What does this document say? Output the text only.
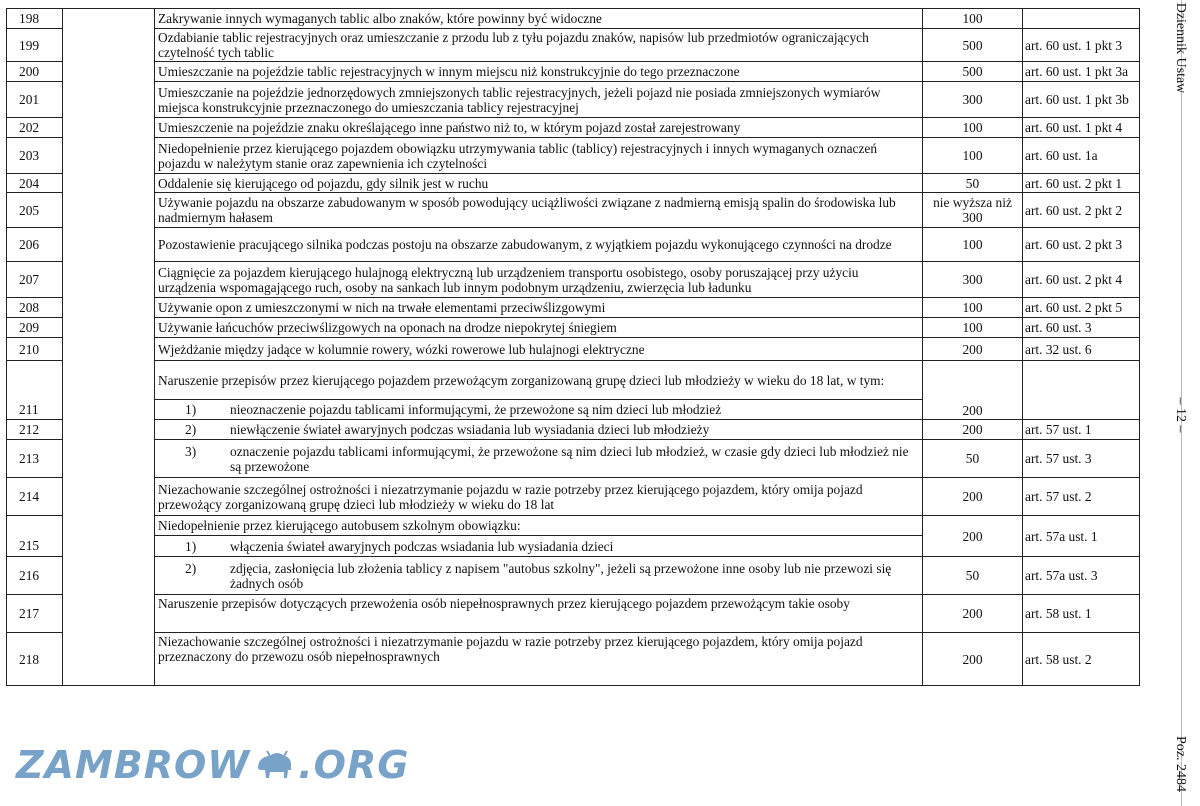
198		Zakrywanie innych wymaganych tablic albo znaków, które powinny być widoczne	100	
199		Ozdabianie tablic rejestracyjnych oraz umieszczanie z przodu lub z tyłu pojazdu znaków, napisów lub przedmiotów ograniczających czytelność tych tablic	500	art. 60 ust. 1 pkt 3
200		Umieszczanie na pojeździe tablic rejestracyjnych w innym miejscu niż konstrukcyjnie do tego przeznaczone	500	art. 60 ust. 1 pkt 3a
201		Umieszczanie na pojeździe jednorzędowych zmniejszonych tablic rejestracyjnych, jeżeli pojazd nie posiada zmniejszonych wymiarów miejsca konstrukcyjnie przeznaczonego do umieszczania tablicy rejestracyjnej	300	art. 60 ust. 1 pkt 3b
202		Umieszczenie na pojeździe znaku określającego inne państwo niż to, w którym pojazd został zarejestrowany	100	art. 60 ust. 1 pkt 4
203		Niedopełnienie przez kierującego pojazdem obowiązku utrzymywania tablic (tablicy) rejestracyjnych i innych wymaganych oznaczeń pojazdu w należytym stanie oraz zapewnienia ich czytelności	100	art. 60 ust. 1a
204		Oddalenie się kierującego od pojazdu, gdy silnik jest w ruchu	50	art. 60 ust. 2 pkt 1
205		Używanie pojazdu na obszarze zabudowanym w sposób powodujący uciążliwości związane z nadmierną emisją spalin do środowiska lub nadmiernym hałasem	nie wyższa niż 300	art. 60 ust. 2 pkt 2
206		Pozostawienie pracującego silnika podczas postoju na obszarze zabudowanym, z wyjątkiem pojazdu wykonującego czynności na drodze	100	art. 60 ust. 2 pkt 3
207		Ciągnięcie za pojazdem kierującego hulajnogą elektryczną lub urządzeniem transportu osobistego, osoby poruszającej przy użyciu urządzenia wspomagającego ruch, osoby na sankach lub innym podobnym urządzeniu, zwierzęcia lub ładunku	300	art. 60 ust. 2 pkt 4
208		Używanie opon z umieszczonymi w nich na trwałe elementami przeciwślizgowymi	100	art. 60 ust. 2 pkt 5
209		Używanie łańcuchów przeciwślizgowych na oponach na drodze niepokrytej śniegiem	100	art. 60 ust. 3
210		Wjeżdżanie między jadące w kolumnie rowery, wózki rowerowe lub hulajnogi elektryczne	200	art. 32 ust. 6
		Naruszenie przepisów przez kierującego pojazdem przewożącym zorganizowaną grupę dzieci lub młodzieży w wieku do 18 lat, w tym:	200	
211		1) nieoznaczenie pojazdu tablicami informującymi, że przewożone są nim dzieci lub młodzież		

212		2) niewłączenie świateł awaryjnych podczas wsiadania lub wysiadania dzieci lub młodzieży	200	art. 57 ust. 1
213		3) oznaczenie pojazdu tablicami informującymi, że przewożone są nim dzieci lub młodzież, w czasie gdy dzieci lub młodzież nie są przewożone	50	art. 57 ust. 3
214		Niezachowanie szczególnej ostrożności i niezatrzymanie pojazdu w razie potrzeby przez kierującego pojazdem, który omija pojazd przewożący zorganizowaną grupę dzieci lub młodzieży w wieku do 18 lat	200	art. 57 ust. 2
		Niedopełnienie przez kierującego autobusem szkolnym obowiązku:	200	art. 57a ust. 1
215		1) włączenia świateł awaryjnych podczas wsiadania lub wysiadania dzieci		

216		2) zdjęcia, zasłonięcia lub złożenia tablicy z napisem "autobus szkolny", jeżeli są przewożone inne osoby lub nie przewozi się żadnych osób	50	art. 57a ust. 3
217		Naruszenie przepisów dotyczących przewożenia osób niepełnosprawnych przez kierującego pojazdem przewożącym takie osoby	200	art. 58 ust. 1
218		Niezachowanie szczególnej ostrożności i niezatrzymanie pojazdu w razie potrzeby przez kierującego pojazdem, który omija pojazd przeznaczony do przewozu osób niepełnosprawnych	200	art. 58 ust. 2
Dziennik Ustaw
– 12 –
Poz. 2484
ZAMBROW .ORG
